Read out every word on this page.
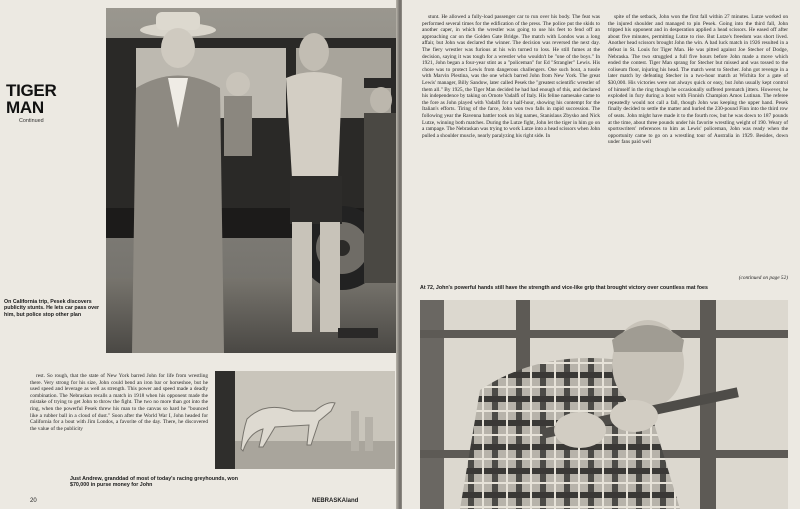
TIGER MAN
Continued
On California trip, Pesek discovers publicity stunts. He lets car pass over him, but police stop other plan
rest. So rough, that the state of New York barred John for life from wrestling there. Very strong for his size, John could bend an iron bar or horseshoe, but he used speed and leverage as well as strength. This power and speed made a deadly combination. The Nebraskan recalls a match in 1918 when his opponent made the mistake of trying to get John to throw the fight. The two no more than got into the ring, when the powerful Pesek threw his man to the canvas so hard he "bounced like a rubber ball in a cloud of dust." Soon after the World War I, John headed for California for a bout with Jim Londos, a favorite of the day. There, he discovered the value of the publicity
Just Andrew, granddad of most of today's racing greyhounds, won $70,000 in purse money for John
20	NEBRASKAland
stunt. He allowed a fully-load passenger car to run over his body. The feat was performed several times for the edification of the press. The police put the skids to another caper, in which the wrestler was going to use his feet to fend off an approaching car on the Golden Gate Bridge. The match with Londos was a long affair, but John was declared the winner. The decision was reversed the next day. The fiery wrestler was furious at his win turned to loss. He still fumes at the decision, saying it was tough for a wrestler who wouldn't be "one of the boys." In 1921, John began a four-year stint as a "policeman" for Ed "Strangler" Lewis. His chore was to protect Lewis from dangerous challengers. One such bout, a tussle with Marvin Plestina, was the one which barred John from New York. The great Lewis' manager, Billy Sandow, later called Pesek the "greatest scientific wrestler of them all." By 1925, the Tiger Man decided he had had enough of this, and declared his independence by taking on Ornote Vadalfi of Italy. His feline namesake came to the fore as John played with Vadalfi for a half-hour, showing his contempt for the Italian's efforts. Tiring of the farce, John won two falls in rapid succession. The following year the Ravenna battler took on big names, Stanislaus Zbysko and Nick Lutze, winning both matches. During the Lutze fight, John let the tiger in him go on a rampage. The Nebraskan was trying to work Lutze into a head scissors when John pulled a shoulder muscle, nearly paralyzing his right side. In
spite of the setback, John won the first fall within 27 minutes. Lutze worked on the injured shoulder and managed to pin Pesek. Going into the third fall, John tripped his opponent and in desperation applied a head scissors. He eased off after about five minutes, permitting Lutze to rise. But Lutze's freedom was short lived. Another head scissors brought John the win. A bad luck match in 1926 resulted in a defeat in St. Louis for Tiger Man. He was pitted against Joe Stecher of Dodge, Nebraska. The two struggled a full five hours before John made a move which ended the contest. Tiger Man sprang for Stecher but missed and was tossed to the coliseum floor, injuring his head. The match went to Stecher. John got revenge in a later match by defeating Stecher in a two-hour match at Wichita for a gate of $30,000. His victories were not always quick or easy, but John usually kept control of himself in the ring though he occasionally suffered prematch jitters. However, he exploded in fury during a bout with Finnish Champion Amos Lutinan. The referee repeatedly would not call a fall, though John was keeping the upper hand. Pesek finally decided to settle the matter and hurled the 230-pound Finn into the third row of seats. John might have made it to the fourth row, but he was down to 187 pounds at the time, about three pounds under his favorite wrestling weight of 190. Weary of sportswriters' references to him as Lewis' policeman, John was ready when the opportunity came to go on a wrestling tour of Australia in 1929. Besides, down under fans paid well
(continued on page 52)
At 72, John's powerful hands still have the strength and vice-like grip that brought victory over countless mat foes
